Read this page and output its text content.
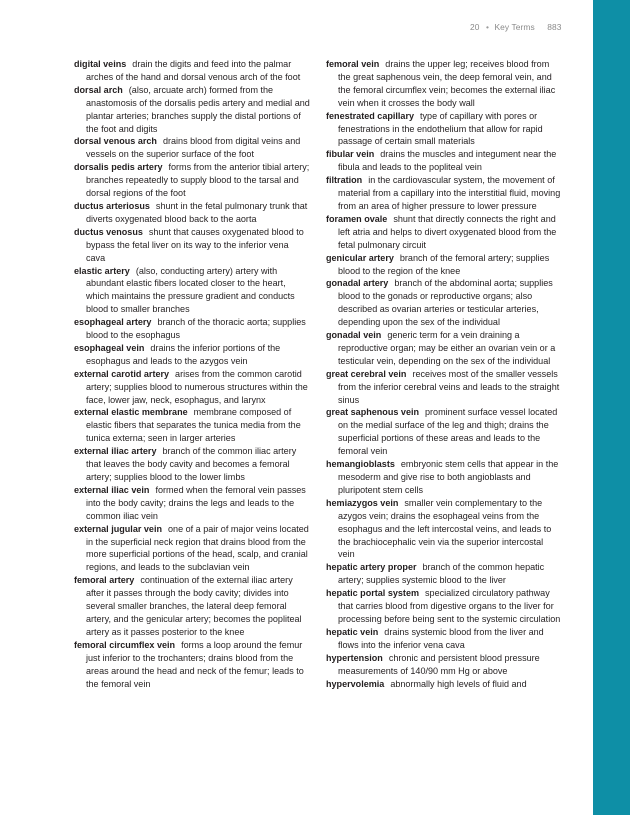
20 • Key Terms 883
digital veins drain the digits and feed into the palmar arches of the hand and dorsal venous arch of the foot
dorsal arch (also, arcuate arch) formed from the anastomosis of the dorsalis pedis artery and medial and plantar arteries; branches supply the distal portions of the foot and digits
dorsal venous arch drains blood from digital veins and vessels on the superior surface of the foot
dorsalis pedis artery forms from the anterior tibial artery; branches repeatedly to supply blood to the tarsal and dorsal regions of the foot
ductus arteriosus shunt in the fetal pulmonary trunk that diverts oxygenated blood back to the aorta
ductus venosus shunt that causes oxygenated blood to bypass the fetal liver on its way to the inferior vena cava
elastic artery (also, conducting artery) artery with abundant elastic fibers located closer to the heart, which maintains the pressure gradient and conducts blood to smaller branches
esophageal artery branch of the thoracic aorta; supplies blood to the esophagus
esophageal vein drains the inferior portions of the esophagus and leads to the azygos vein
external carotid artery arises from the common carotid artery; supplies blood to numerous structures within the face, lower jaw, neck, esophagus, and larynx
external elastic membrane membrane composed of elastic fibers that separates the tunica media from the tunica externa; seen in larger arteries
external iliac artery branch of the common iliac artery that leaves the body cavity and becomes a femoral artery; supplies blood to the lower limbs
external iliac vein formed when the femoral vein passes into the body cavity; drains the legs and leads to the common iliac vein
external jugular vein one of a pair of major veins located in the superficial neck region that drains blood from the more superficial portions of the head, scalp, and cranial regions, and leads to the subclavian vein
femoral artery continuation of the external iliac artery after it passes through the body cavity; divides into several smaller branches, the lateral deep femoral artery, and the genicular artery; becomes the popliteal artery as it passes posterior to the knee
femoral circumflex vein forms a loop around the femur just inferior to the trochanters; drains blood from the areas around the head and neck of the femur; leads to the femoral vein
femoral vein drains the upper leg; receives blood from the great saphenous vein, the deep femoral vein, and the femoral circumflex vein; becomes the external iliac vein when it crosses the body wall
fenestrated capillary type of capillary with pores or fenestrations in the endothelium that allow for rapid passage of certain small materials
fibular vein drains the muscles and integument near the fibula and leads to the popliteal vein
filtration in the cardiovascular system, the movement of material from a capillary into the interstitial fluid, moving from an area of higher pressure to lower pressure
foramen ovale shunt that directly connects the right and left atria and helps to divert oxygenated blood from the fetal pulmonary circuit
genicular artery branch of the femoral artery; supplies blood to the region of the knee
gonadal artery branch of the abdominal aorta; supplies blood to the gonads or reproductive organs; also described as ovarian arteries or testicular arteries, depending upon the sex of the individual
gonadal vein generic term for a vein draining a reproductive organ; may be either an ovarian vein or a testicular vein, depending on the sex of the individual
great cerebral vein receives most of the smaller vessels from the inferior cerebral veins and leads to the straight sinus
great saphenous vein prominent surface vessel located on the medial surface of the leg and thigh; drains the superficial portions of these areas and leads to the femoral vein
hemangioblasts embryonic stem cells that appear in the mesoderm and give rise to both angioblasts and pluripotent stem cells
hemiazygos vein smaller vein complementary to the azygos vein; drains the esophageal veins from the esophagus and the left intercostal veins, and leads to the brachiocephalic vein via the superior intercostal vein
hepatic artery proper branch of the common hepatic artery; supplies systemic blood to the liver
hepatic portal system specialized circulatory pathway that carries blood from digestive organs to the liver for processing before being sent to the systemic circulation
hepatic vein drains systemic blood from the liver and flows into the inferior vena cava
hypertension chronic and persistent blood pressure measurements of 140/90 mm Hg or above
hypervolemia abnormally high levels of fluid and
